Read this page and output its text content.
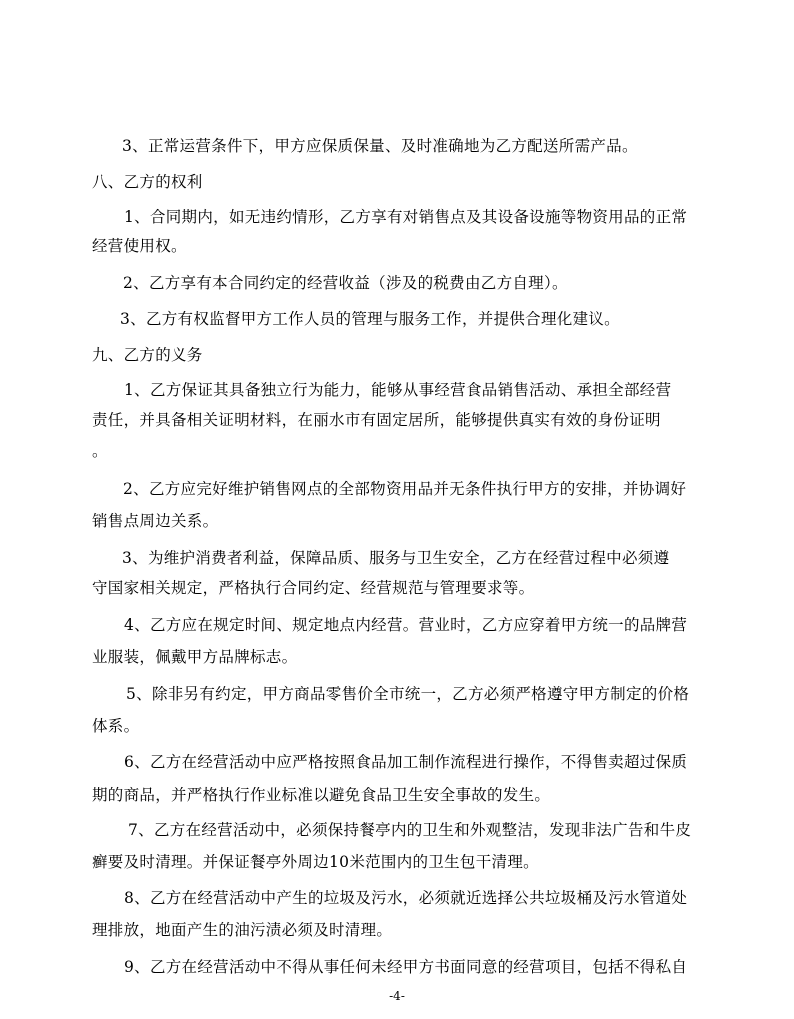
3、正常运营条件下，甲方应保质保量、及时准确地为乙方配送所需产品。
八、乙方的权利
1、合同期内，如无违约情形，乙方享有对销售点及其设备设施等物资用品的正常
经营使用权。
2、乙方享有本合同约定的经营收益（涉及的税费由乙方自理）。
3、乙方有权监督甲方工作人员的管理与服务工作，并提供合理化建议。
九、乙方的义务
1、乙方保证其具备独立行为能力，能够从事经营食品销售活动、承担全部经营
责任，并具备相关证明材料，在丽水市有固定居所，能够提供真实有效的身份证明
。
2、乙方应完好维护销售网点的全部物资用品并无条件执行甲方的安排，并协调好
销售点周边关系。
3、为维护消费者利益，保障品质、服务与卫生安全，乙方在经营过程中必须遵
守国家相关规定，严格执行合同约定、经营规范与管理要求等。
4、乙方应在规定时间、规定地点内经营。营业时，乙方应穿着甲方统一的品牌营
业服装，佩戴甲方品牌标志。
5、除非另有约定，甲方商品零售价全市统一，乙方必须严格遵守甲方制定的价格
体系。
6、乙方在经营活动中应严格按照食品加工制作流程进行操作，不得售卖超过保质
期的商品，并严格执行作业标准以避免食品卫生安全事故的发生。
7、乙方在经营活动中，必须保持餐亭内的卫生和外观整洁，发现非法广告和牛皮
癣要及时清理。并保证餐亭外周边10米范围内的卫生包干清理。
8、乙方在经营活动中产生的垃圾及污水，必须就近选择公共垃圾桶及污水管道处
理排放，地面产生的油污渍必须及时清理。
9、乙方在经营活动中不得从事任何未经甲方书面同意的经营项目，包括不得私自
-4-
